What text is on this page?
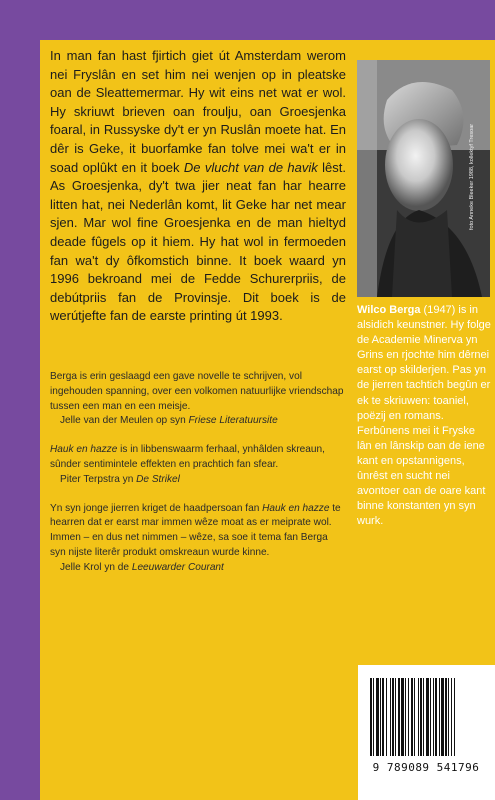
In man fan hast fjirtich giet út Amsterdam werom nei Fryslân en set him nei wenjen op in pleatske oan de Sleattemermar. Hy wit eins net wat er wol. Hy skriuwt brieven oan froulju, oan Groesjenka foaral, in Russyske dy't er yn Ruslân moete hat. En dêr is Geke, it buorfamke fan tolve mei wa't er in soad oplûkt en it boek De vlucht van de havik lêst. As Groesjenka, dy't twa jier neat fan har hearre litten hat, nei Nederlân komt, lit Geke har net mear sjen. Mar wol fine Groesjenka en de man hieltyd deade fûgels op it hiem. Hy hat wol in fermoeden fan wa't dy ôfkomstich binne. It boek waard yn 1996 bekroand mei de Fedde Schurerpriis, de debútpriis fan de Provinsje. Dit boek is de werútjefte fan de earste printing út 1993.

foto Anneke Bleeker 1988, kollektyf Tresoar
Wilco Berga (1947) is in alsidich keunstner. Hy folge de Academie Minerva yn Grins en rjochte him dêrnei earst op skilderjen. Pas yn de jierren tachtich begûn er ek te skriuwen: toaniel, poëzij en romans. Ferbûnens mei it Fryske lân en lânskip oan de iene kant en opstannigens, ûnrêst en sucht nei avontoer oan de oare kant binne konstanten yn syn wurk.
Berga is erin geslaagd een gave novelle te schrijven, vol ingehouden spanning, over een volkomen natuurlijke vriendschap tussen een man en een meisje.
Jelle van der Meulen op syn Friese Literatuursite
Hauk en hazze is in libbenswaarm ferhaal, ynhâlden skreaun, sûnder sentimintele effekten en prachtich fan sfear.
Piter Terpstra yn De Strikel
Yn syn jonge jierren kriget de haadpersoan fan Hauk en hazze te hearren dat er earst mar immen wêze moat as er meiprate wol. Immen – en dus net nimmen – wêze, sa soe it tema fan Berga syn nijste literêr produkt omskreaun wurde kinne.
Jelle Krol yn de Leeuwarder Courant
9 789089 541796
